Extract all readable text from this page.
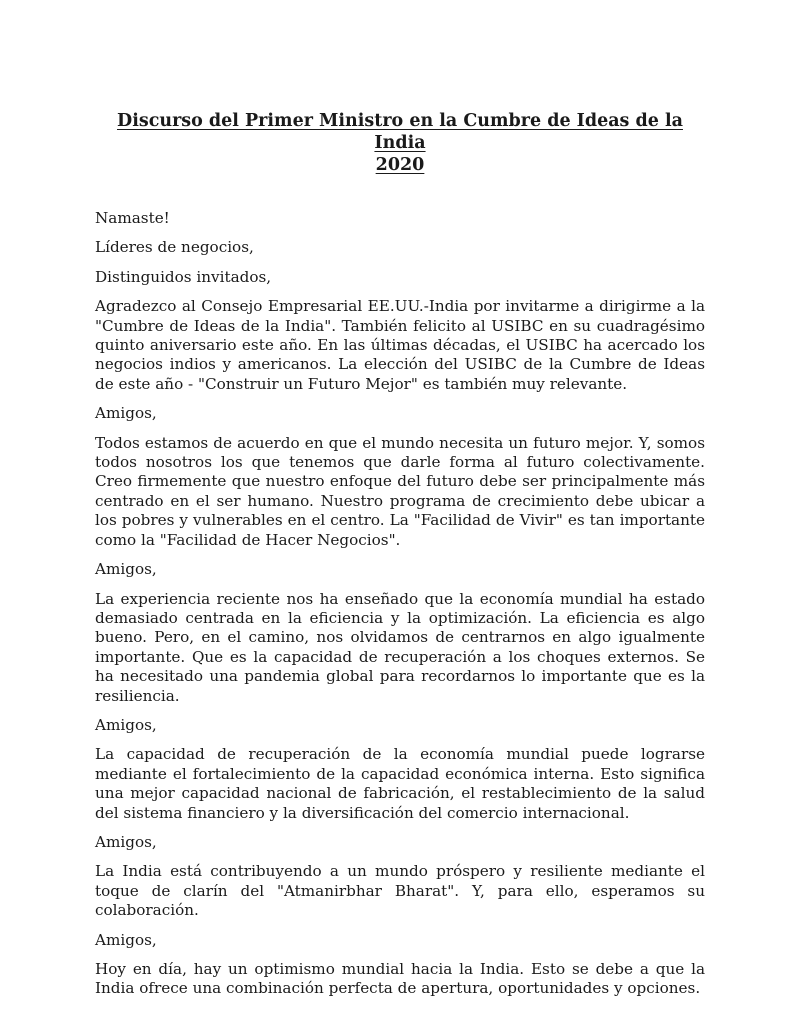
Discurso del Primer Ministro en la Cumbre de Ideas de la India
2020

Namaste!

Líderes de negocios,

Distinguidos invitados,

Agradezco al Consejo Empresarial EE.UU.-India por invitarme a dirigirme a la "Cumbre de Ideas de la India". También felicito al USIBC en su cuadragésimo quinto aniversario este año. En las últimas décadas, el USIBC ha acercado los negocios indios y americanos. La elección del USIBC de la Cumbre de Ideas de este año - "Construir un Futuro Mejor" es también muy relevante.

Amigos,

Todos estamos de acuerdo en que el mundo necesita un futuro mejor. Y, somos todos nosotros los que tenemos que darle forma al futuro colectivamente. Creo firmemente que nuestro enfoque del futuro debe ser principalmente más centrado en el ser humano. Nuestro programa de crecimiento debe ubicar a los pobres y vulnerables en el centro. La "Facilidad de Vivir" es tan importante como la "Facilidad de Hacer Negocios".

Amigos,

La experiencia reciente nos ha enseñado que la economía mundial ha estado demasiado centrada en la eficiencia y la optimización. La eficiencia es algo bueno. Pero, en el camino, nos olvidamos de centrarnos en algo igualmente importante. Que es la capacidad de recuperación a los choques externos. Se ha necesitado una pandemia global para recordarnos lo importante que es la resiliencia.

Amigos,

La capacidad de recuperación de la economía mundial puede lograrse mediante el fortalecimiento de la capacidad económica interna. Esto significa una mejor capacidad nacional de fabricación, el restablecimiento de la salud del sistema financiero y la diversificación del comercio internacional.

Amigos,

La India está contribuyendo a un mundo próspero y resiliente mediante el toque de clarín del "Atmanirbhar Bharat". Y, para ello, esperamos su colaboración.

Amigos,

Hoy en día, hay un optimismo mundial hacia la India. Esto se debe a que la India ofrece una combinación perfecta de apertura, oportunidades y opciones.
